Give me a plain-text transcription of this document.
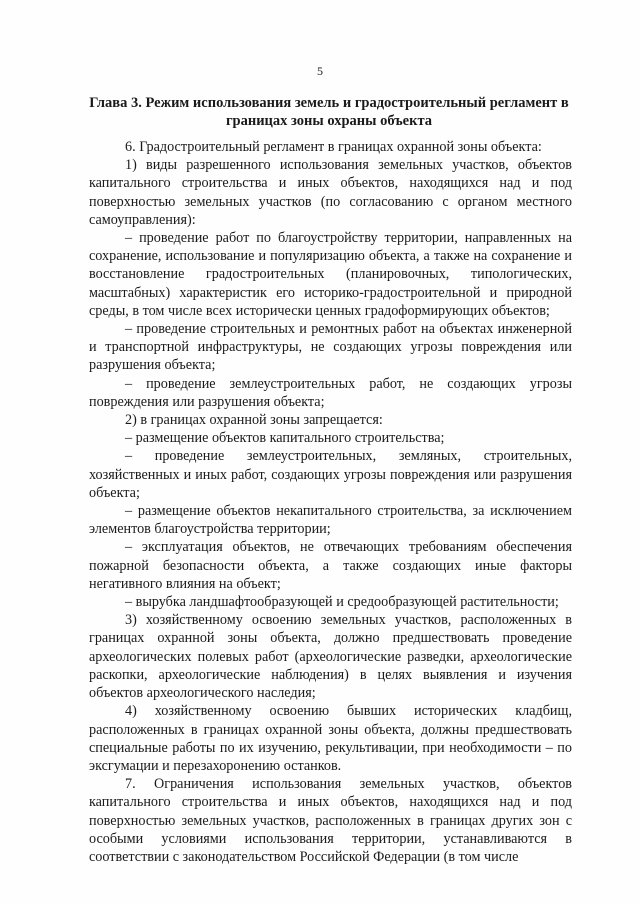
5
Глава 3. Режим использования земель и градостроительный регламент в границах зоны охраны объекта

6. Градостроительный регламент в границах охранной зоны объекта:

1) виды разрешенного использования земельных участков, объектов капитального строительства и иных объектов, находящихся над и под поверхностью земельных участков (по согласованию с органом местного самоуправления):

– проведение работ по благоустройству территории, направленных на сохранение, использование и популяризацию объекта, а также на сохранение и восстановление градостроительных (планировочных, типологических, масштабных) характеристик его историко-градостроительной и природной среды, в том числе всех исторически ценных градоформирующих объектов;

– проведение строительных и ремонтных работ на объектах инженерной и транспортной инфраструктуры, не создающих угрозы повреждения или разрушения объекта;

– проведение землеустроительных работ, не создающих угрозы повреждения или разрушения объекта;

2) в границах охранной зоны запрещается:

– размещение объектов капитального строительства;

– проведение землеустроительных, земляных, строительных, хозяйственных и иных работ, создающих угрозы повреждения или разрушения объекта;

– размещение объектов некапитального строительства, за исключением элементов благоустройства территории;

– эксплуатация объектов, не отвечающих требованиям обеспечения пожарной безопасности объекта, а также создающих иные факторы негативного влияния на объект;

– вырубка ландшафтообразующей и средообразующей растительности;

3) хозяйственному освоению земельных участков, расположенных в границах охранной зоны объекта, должно предшествовать проведение археологических полевых работ (археологические разведки, археологические раскопки, археологические наблюдения) в целях выявления и изучения объектов археологического наследия;

4) хозяйственному освоению бывших исторических кладбищ, расположенных в границах охранной зоны объекта, должны предшествовать специальные работы по их изучению, рекультивации, при необходимости – по эксгумации и перезахоронению останков.

7. Ограничения использования земельных участков, объектов капитального строительства и иных объектов, находящихся над и под поверхностью земельных участков, расположенных в границах других зон с особыми условиями использования территории, устанавливаются в соответствии с законодательством Российской Федерации (в том числе
